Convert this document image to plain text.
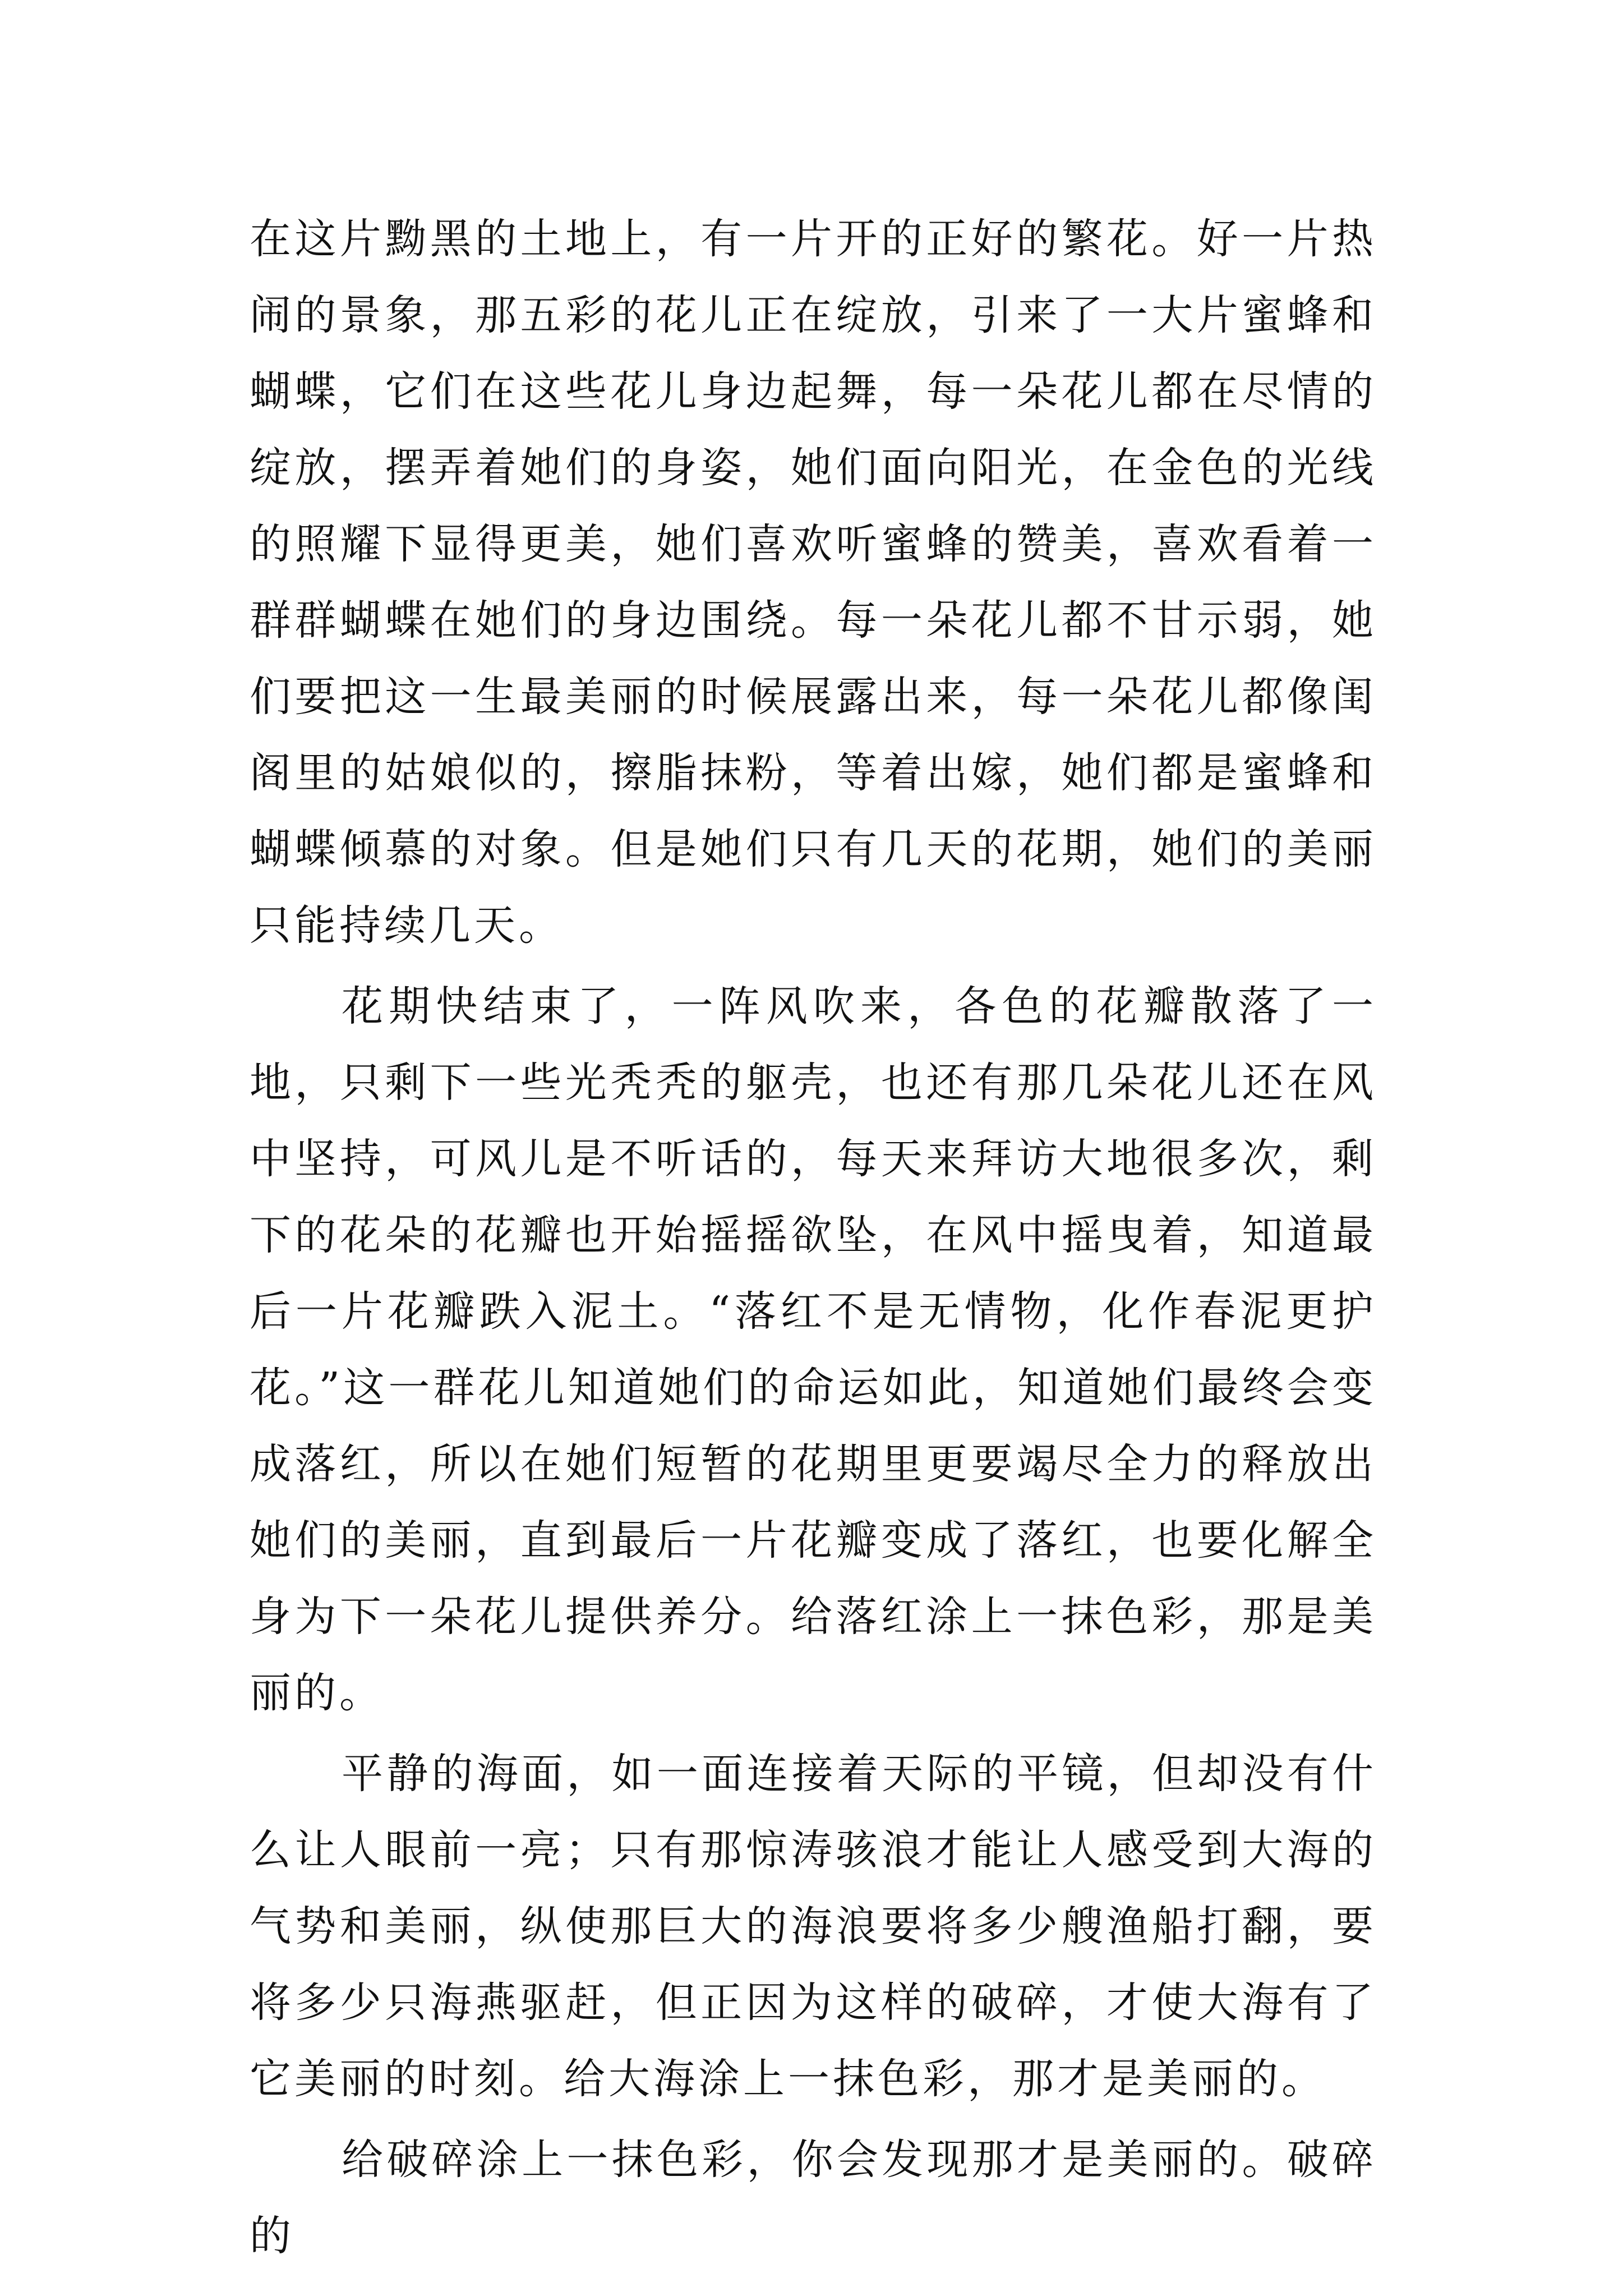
在这片黝黑的土地上，有一片开的正好的繁花。好一片热闹的景象，那五彩的花儿正在绽放，引来了一大片蜜蜂和蝴蝶，它们在这些花儿身边起舞，每一朵花儿都在尽情的绽放，摆弄着她们的身姿，她们面向阳光，在金色的光线的照耀下显得更美，她们喜欢听蜜蜂的赞美，喜欢看着一群群蝴蝶在她们的身边围绕。每一朵花儿都不甘示弱，她们要把这一生最美丽的时候展露出来，每一朵花儿都像闺阁里的姑娘似的，擦脂抹粉，等着出嫁，她们都是蜜蜂和蝴蝶倾慕的对象。但是她们只有几天的花期，她们的美丽只能持续几天。

花期快结束了，一阵风吹来，各色的花瓣散落了一地，只剩下一些光秃秃的躯壳，也还有那几朵花儿还在风中坚持，可风儿是不听话的，每天来拜访大地很多次，剩下的花朵的花瓣也开始摇摇欲坠，在风中摇曳着，知道最后一片花瓣跌入泥土。“落红不是无情物，化作春泥更护花。”这一群花儿知道她们的命运如此，知道她们最终会变成落红，所以在她们短暂的花期里更要竭尽全力的释放出她们的美丽，直到最后一片花瓣变成了落红，也要化解全身为下一朵花儿提供养分。给落红涂上一抹色彩，那是美丽的。

平静的海面，如一面连接着天际的平镜，但却没有什么让人眼前一亮；只有那惊涛骇浪才能让人感受到大海的气势和美丽，纵使那巨大的海浪要将多少艘渔船打翻，要将多少只海燕驱赶，但正因为这样的破碎，才使大海有了它美丽的时刻。给大海涂上一抹色彩，那才是美丽的。

给破碎涂上一抹色彩，你会发现那才是美丽的。破碎的
